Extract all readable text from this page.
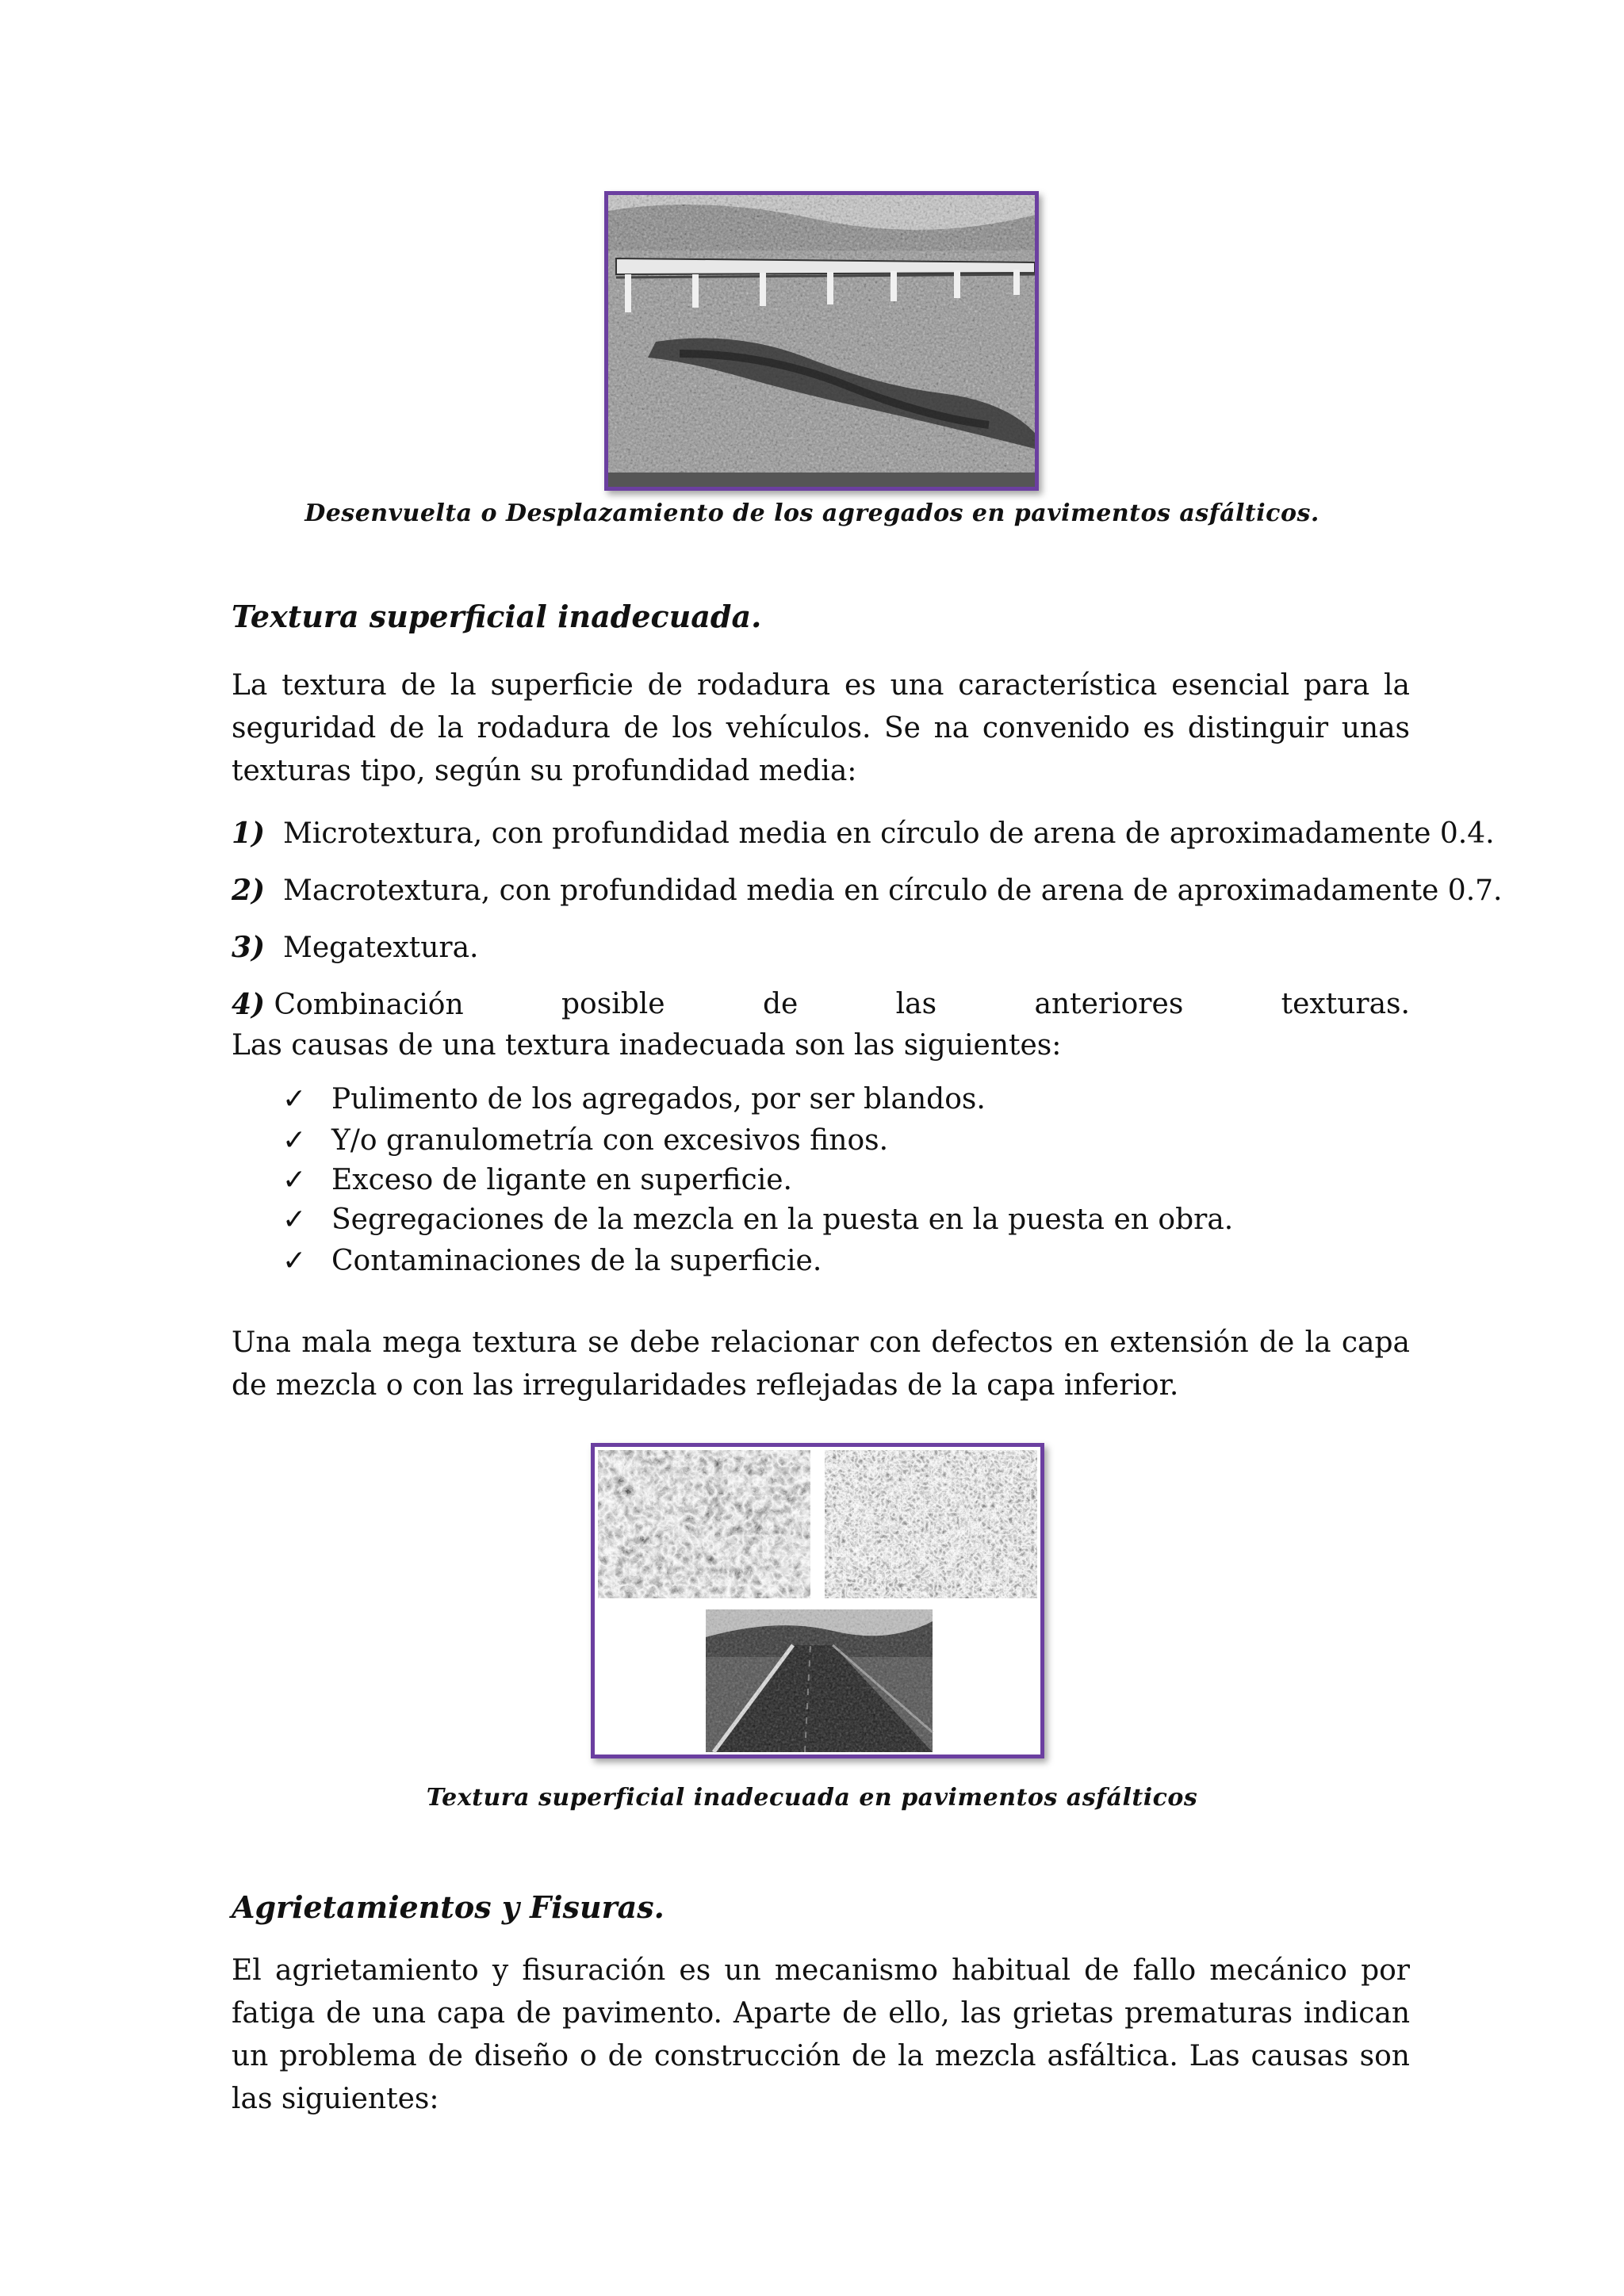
Desenvuelta o Desplazamiento de los agregados en pavimentos asfálticos.
Textura superficial inadecuada.

La textura de la superficie de rodadura es una característica esencial para la seguridad de la rodadura de los vehículos. Se na convenido es distinguir unas texturas tipo, según su profundidad media:

1) Microtextura, con profundidad media en círculo de arena de aproximadamente 0.4.
2) Macrotextura, con profundidad media en círculo de arena de aproximadamente 0.7.
3) Megatextura.
4) Combinación	posible	de	las	anteriores	texturas.
Las causas de una textura inadecuada son las siguientes:
✓ Pulimento de los agregados, por ser blandos.
✓ Y/o granulometría con excesivos finos.
✓ Exceso de ligante en superficie.
✓ Segregaciones de la mezcla en la puesta en la puesta en obra.
✓ Contaminaciones de la superficie.

Una mala mega textura se debe relacionar con defectos en extensión de la capa de mezcla o con las irregularidades reflejadas de la capa inferior.

Textura superficial inadecuada en pavimentos asfálticos
Agrietamientos y Fisuras.

El agrietamiento y fisuración es un mecanismo habitual de fallo mecánico por fatiga de una capa de pavimento. Aparte de ello, las grietas prematuras indican un problema de diseño o de construcción de la mezcla asfáltica. Las causas son las siguientes:
